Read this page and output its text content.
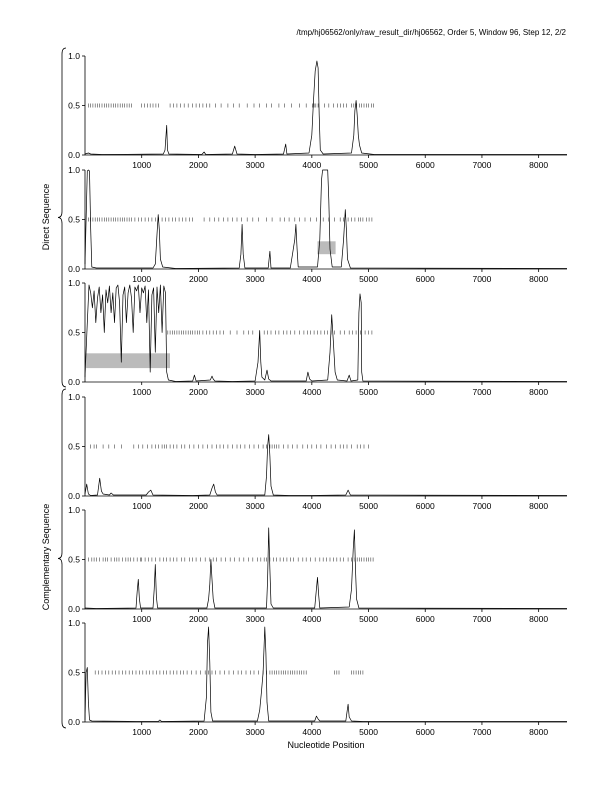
/tmp/hj06562/only/raw_result_dir/hj06562, Order 5, Window 96, Step 12, 2/2
Direct Sequence
Complementary Sequence
0.0
0.5
1.0
1000	2000	3000	4000	5000	6000	7000	8000
0.0
0.5
1.0
1000	2000	3000	4000	5000	6000	7000	8000
0.0
0.5
1.0
1000	2000	3000	4000	5000	6000	7000	8000
0.0
0.5
1.0
1000	2000	3000	4000	5000	6000	7000	8000
0.0
0.5
1.0
1000	2000	3000	4000	5000	6000	7000	8000
0.0
0.5
1.0
1000	2000	3000	4000	5000	6000	7000	8000
Nucleotide Position
